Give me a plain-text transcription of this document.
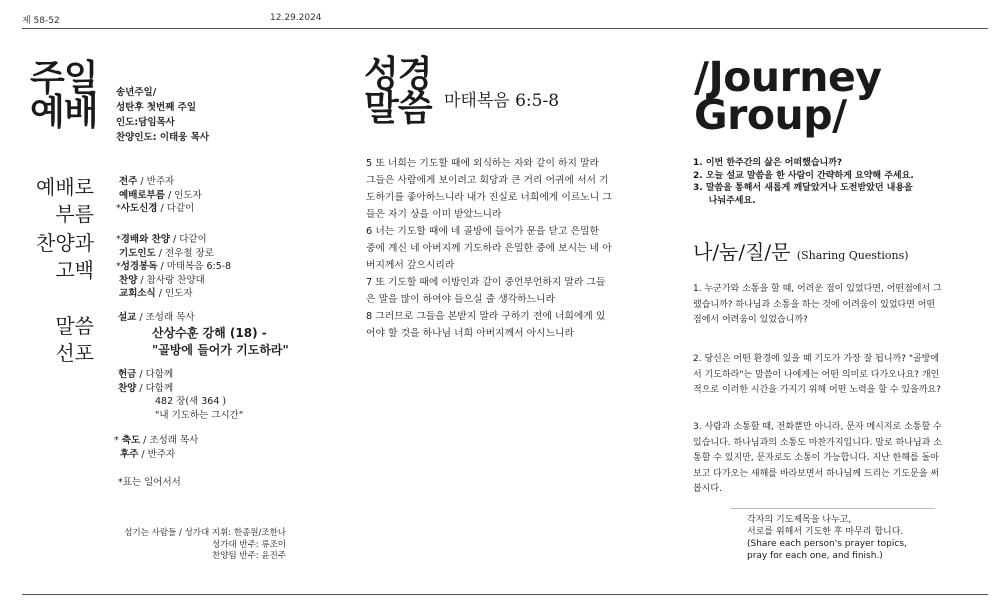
제 58-52	12.29.2024
주일
예배 송년주일/
성탄후 첫번째 주일
인도:담임목사
찬양인도: 이태웅 목사
예배로
부름
전주 / 반주자
예배로부름 / 인도자
*사도신경 / 다같이
찬양과
고백
*경배와 찬양 / 다같이
기도인도 / 전우철 장로
*성경봉독 / 마태복음 6:5-8
찬양 / 참사랑 찬양대
교회소식 / 인도자
말씀
선포
설교 / 조성래 목사
산상수훈 강해 (18) -
"골방에 들어가 기도하라"
헌금 / 다함께
찬양 / 다함께
482 장(새 364 )
"내 기도하는 그시간"
* 축도 / 조성래 목사
후주 / 반주자
*표는 일어서서
섬기는 사람들 / 성가대 지휘: 한종원/조한나
성가대 반주: 류조이
찬양팀 반주: 윤진주
성경
말씀 마태복음 6:5-8
5 또 너희는 기도할 때에 외식하는 자와 같이 하지 말라
그들은 사람에게 보이려고 회당과 큰 거리 어귀에 서서 기
도하기를 좋아하느니라 내가 진실로 너희에게 이르노니 그
들은 자기 상을 이미 받았느니라
6 너는 기도할 때에 네 골방에 들어가 문을 닫고 은밀한
중에 계신 네 아버지께 기도하라 은밀한 중에 보시는 네 아
버지께서 갚으시리라
7 또 기도할 때에 이방인과 같이 중언부언하지 말라 그들
은 말을 많이 하여야 들으실 줄 생각하느니라
8 그러므로 그들을 본받지 말라 구하기 전에 너희에게 있
어야 할 것을 하나님 너희 아버지께서 아시느니라
/Journey
Group/
1. 이번 한주간의 삶은 어떠했습니까?
2. 오늘 설교 말씀을 한 사람이 간략하게 요약해 주세요.
3. 말씀을 통해서 새롭게 깨달았거나 도전받았던 내용을
나눠주세요.
나/눔/질/문 (Sharing Questions)
1. 누군가와 소통을 할 때, 어려운 점이 있었다면, 어떤점에서 그
랬습니까? 하나님과 소통을 하는 것에 어려움이 있었다면 어떤
점에서 어려움이 있었습니까?
2. 당신은 어떤 환경에 있을 때 기도가 가장 잘 됩니까? "골방에
서 기도하라"는 말씀이 나에게는 어떤 의미로 다가오나요? 개인
적으로 이러한 시간을 가지기 위해 어떤 노력을 할 수 있을까요?
3. 사람과 소통할 때, 전화뿐만 아니라, 문자 메시지로 소통할 수
있습니다. 하나님과의 소통도 마찬가지입니다. 말로 하나님과 소
통할 수 있지만, 문자로도 소통이 가능합니다. 지난 한해를 돌아
보고 다가오는 새해를 바라보면서 하나님께 드리는 기도문을 써
봅시다.
각자의 기도제목을 나누고,
서로를 위해서 기도한 후 마무리 합니다.
(Share each person's prayer topics,
pray for each one, and finish.)
